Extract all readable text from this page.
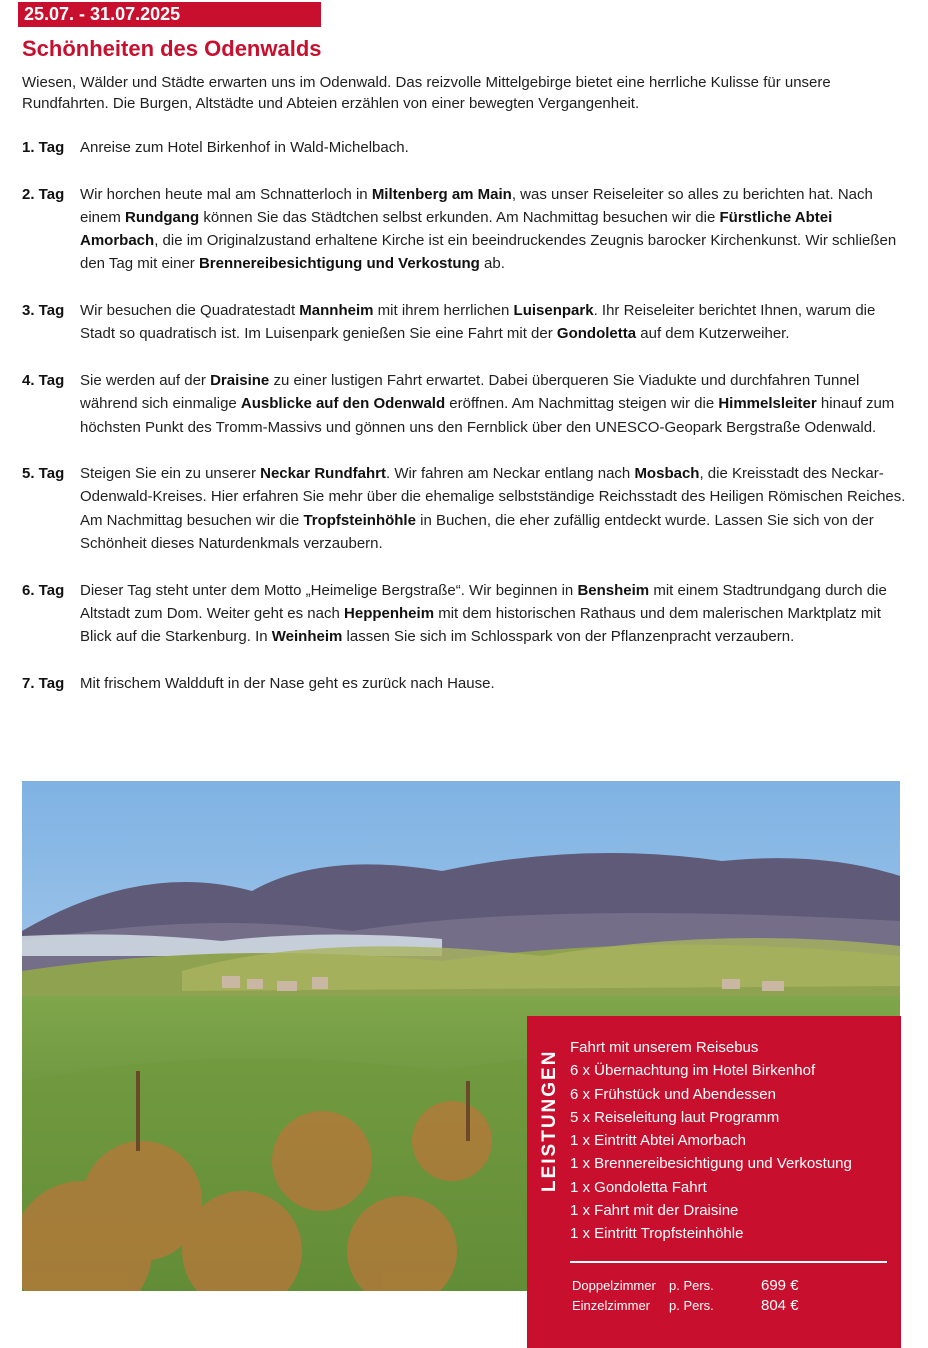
25.07. - 31.07.2025
Schönheiten des Odenwalds

Wiesen, Wälder und Städte erwarten uns im Odenwald. Das reizvolle Mittelgebirge bietet eine herrliche Kulisse für unsere Rundfahrten. Die Burgen, Altstädte und Abteien erzählen von einer bewegten Vergangenheit.

1. Tag	Anreise zum Hotel Birkenhof in Wald-Michelbach.
2. Tag	Wir horchen heute mal am Schnatterloch in Miltenberg am Main, was unser Reiseleiter so alles zu berichten hat. Nach einem Rundgang können Sie das Städtchen selbst erkunden. Am Nachmittag besuchen wir die Fürstliche Abtei Amorbach, die im Originalzustand erhaltene Kirche ist ein beeindruckendes Zeugnis barocker Kirchenkunst. Wir schließen den Tag mit einer Brennereibesichtigung und Verkostung ab.
3. Tag	Wir besuchen die Quadratestadt Mannheim mit ihrem herrlichen Luisenpark. Ihr Reiseleiter berichtet Ihnen, warum die Stadt so quadratisch ist. Im Luisenpark genießen Sie eine Fahrt mit der Gondoletta auf dem Kutzerweiher.
4. Tag	Sie werden auf der Draisine zu einer lustigen Fahrt erwartet. Dabei überqueren Sie Viadukte und durchfahren Tunnel während sich einmalige Ausblicke auf den Odenwald eröffnen. Am Nachmittag steigen wir die Himmelsleiter hinauf zum höchsten Punkt des Tromm-Massivs und gönnen uns den Fernblick über den UNESCO-Geopark Bergstraße Odenwald.
5. Tag	Steigen Sie ein zu unserer Neckar Rundfahrt. Wir fahren am Neckar entlang nach Mosbach, die Kreisstadt des Neckar-Odenwald-Kreises. Hier erfahren Sie mehr über die ehemalige selbstständige Reichsstadt des Heiligen Römischen Reiches. Am Nachmittag besuchen wir die Tropfsteinhöhle in Buchen, die eher zufällig entdeckt wurde. Lassen Sie sich von der Schönheit dieses Naturdenkmals verzaubern.
6. Tag	Dieser Tag steht unter dem Motto „Heimelige Bergstraße“. Wir beginnen in Bensheim mit einem Stadtrundgang durch die Altstadt zum Dom. Weiter geht es nach Heppenheim mit dem historischen Rathaus und dem malerischen Marktplatz mit Blick auf die Starkenburg. In Weinheim lassen Sie sich im Schlosspark von der Pflanzenpracht verzaubern.
7. Tag	Mit frischem Waldduft in der Nase geht es zurück nach Hause.
LEISTUNGEN
Fahrt mit unserem Reisebus
6 x Übernachtung im Hotel Birkenhof
6 x Frühstück und Abendessen
5 x Reiseleitung laut Programm
1 x Eintritt Abtei Amorbach
1 x Brennereibesichtigung und Verkostung
1 x Gondoletta Fahrt
1 x Fahrt mit der Draisine
1 x Eintritt Tropfsteinhöhle
Doppelzimmer	p. Pers.	699 €
Einzelzimmer	p. Pers.	804 €
